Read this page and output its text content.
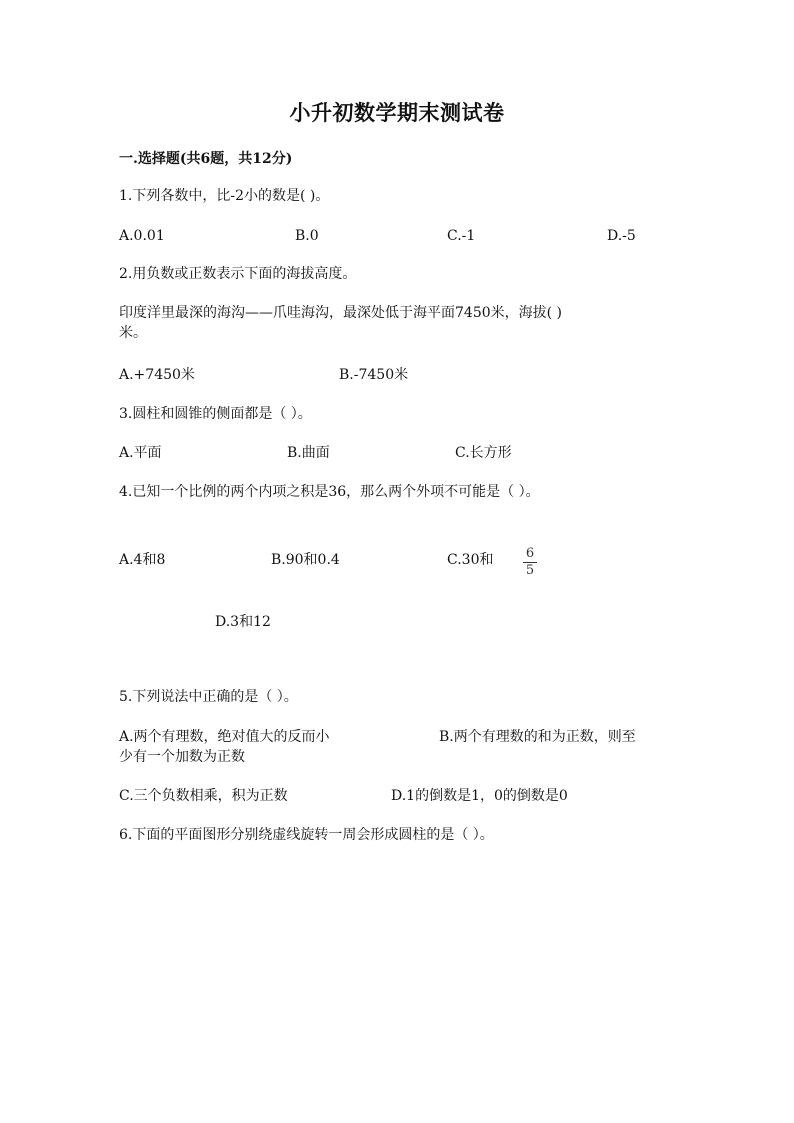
小升初数学期末测试卷
一.选择题(共6题，共12分)
1.下列各数中，比-2小的数是( )。
A.0.01	B.0	C.-1	D.-5
2.用负数或正数表示下面的海拔高度。
印度洋里最深的海沟——爪哇海沟，最深处低于海平面7450米，海拔( )
米。
A.+7450米	B.-7450米
3.圆柱和圆锥的侧面都是（ ）。
A.平面	B.曲面	C.长方形
4.已知一个比例的两个内项之积是36，那么两个外项不可能是（ ）。
A.4和8	B.90和0.4	C.30和 6
5
D.3和12
5.下列说法中正确的是（ ）。
A.两个有理数，绝对值大的反而小	B.两个有理数的和为正数，则至
少有一个加数为正数
C.三个负数相乘，积为正数	D.1的倒数是1，0的倒数是0
6.下面的平面图形分别绕虚线旋转一周会形成圆柱的是（ ）。
